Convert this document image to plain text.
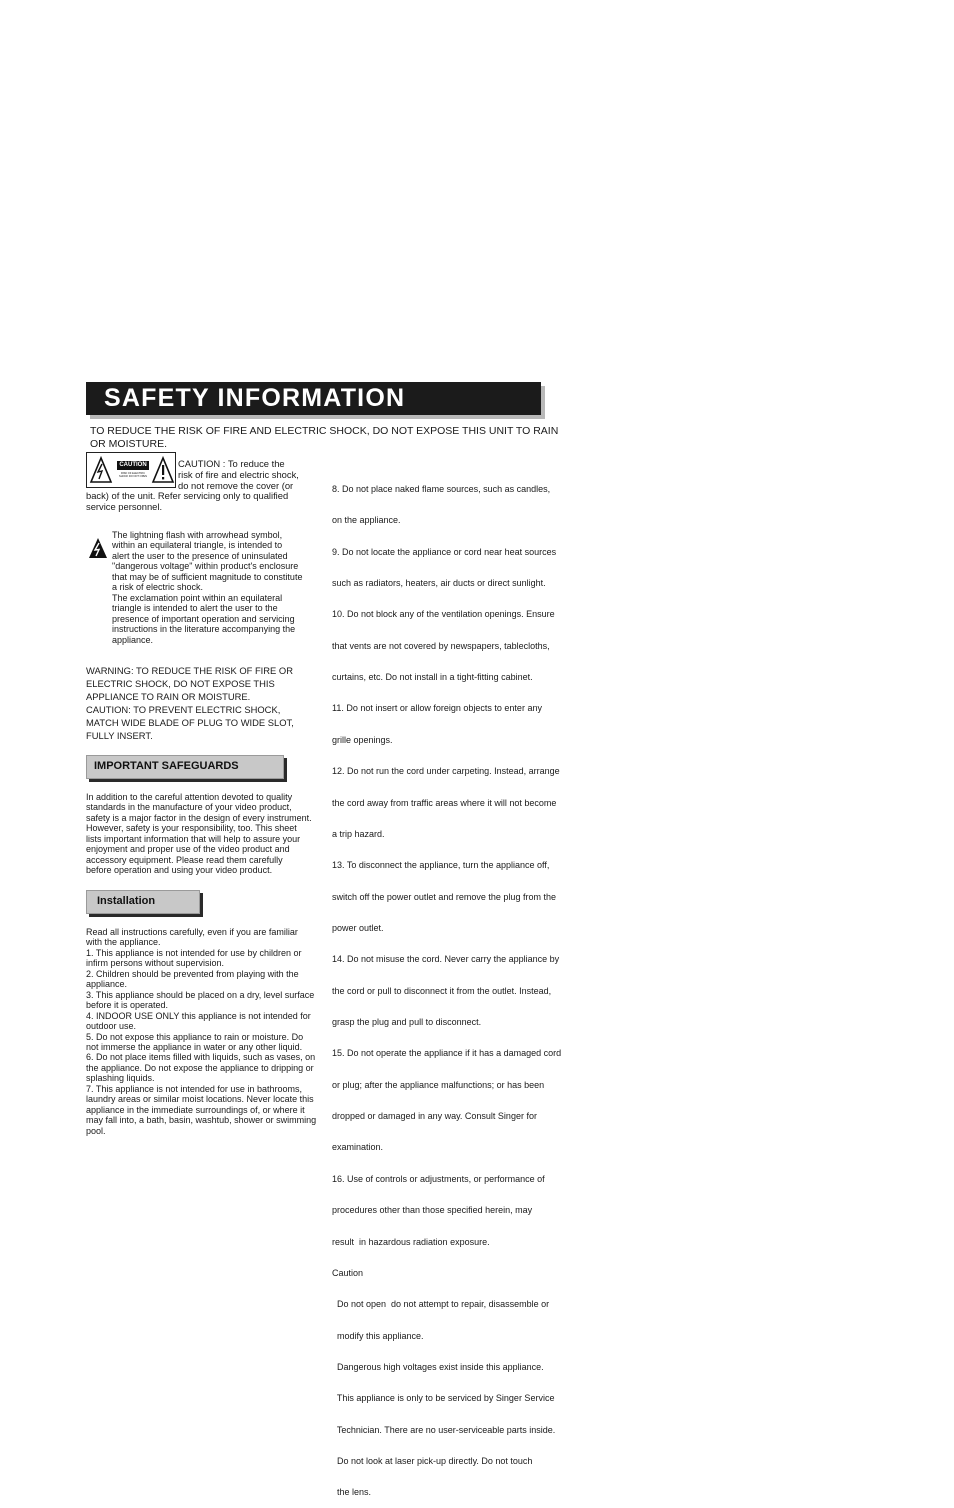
SAFETY INFORMATION
TO REDUCE THE RISK OF FIRE AND ELECTRIC SHOCK, DO NOT EXPOSE THIS UNIT TO RAIN OR MOISTURE.
CAUTION
RISK OF ELECTRIC SHOCK DO NOT OPEN
CAUTION : To reduce the
risk of fire and electric shock,
do not remove the cover (or
back) of the unit. Refer servicing only to qualified
service personnel.
The lightning flash with arrowhead symbol,
within an equilateral triangle, is intended to
alert the user to the presence of uninsulated
"dangerous voltage" within product's enclosure
that may be of sufficient magnitude to constitute
a risk of electric shock.
The exclamation point within an equilateral
triangle is intended to alert the user to the
presence of important operation and servicing
instructions in the literature accompanying the
appliance.
WARNING: TO REDUCE THE RISK OF FIRE OR
ELECTRIC SHOCK, DO NOT EXPOSE THIS
APPLIANCE TO RAIN OR MOISTURE.
CAUTION: TO PREVENT ELECTRIC SHOCK,
MATCH WIDE BLADE OF PLUG TO WIDE SLOT,
FULLY INSERT.
IMPORTANT SAFEGUARDS
In addition to the careful attention devoted to quality
standards in the manufacture of your video product,
safety is a major factor in the design of every instrument.
However, safety is your responsibility, too. This sheet
lists important information that will help to assure your
enjoyment and proper use of the video product and
accessory equipment. Please read them carefully
before operation and using your video product.
Installation
Read all instructions carefully, even if you are familiar
with the appliance.
1. This appliance is not intended for use by children or
infirm persons without supervision.
2. Children should be prevented from playing with the
appliance.
3. This appliance should be placed on a dry, level surface
before it is operated.
4. INDOOR USE ONLY this appliance is not intended for
outdoor use.
5. Do not expose this appliance to rain or moisture. Do
not immerse the appliance in water or any other liquid.
6. Do not place items filled with liquids, such as vases, on
the appliance. Do not expose the appliance to dripping or
splashing liquids.
7. This appliance is not intended for use in bathrooms,
laundry areas or similar moist locations. Never locate this
appliance in the immediate surroundings of, or where it
may fall into, a bath, basin, washtub, shower or swimming
pool.

8. Do not place naked flame sources, such as candles,

on the appliance.

9. Do not locate the appliance or cord near heat sources

such as radiators, heaters, air ducts or direct sunlight.

10. Do not block any of the ventilation openings. Ensure

that vents are not covered by newspapers, tablecloths,

curtains, etc. Do not install in a tight-fitting cabinet.

11. Do not insert or allow foreign objects to enter any

grille openings.

12. Do not run the cord under carpeting. Instead, arrange

the cord away from traffic areas where it will not become

a trip hazard.

13. To disconnect the appliance, turn the appliance off,

switch off the power outlet and remove the plug from the

power outlet.

14. Do not misuse the cord. Never carry the appliance by

the cord or pull to disconnect it from the outlet. Instead,

grasp the plug and pull to disconnect.

15. Do not operate the appliance if it has a damaged cord

or plug; after the appliance malfunctions; or has been

dropped or damaged in any way. Consult Singer for

examination.

16. Use of controls or adjustments, or performance of

procedures other than those specified herein, may

result  in hazardous radiation exposure.

Caution

Do not open  do not attempt to repair, disassemble or

modify this appliance.

Dangerous high voltages exist inside this appliance.

This appliance is only to be serviced by Singer Service

Technician. There are no user-serviceable parts inside.

Do not look at laser pick-up directly. Do not touch

the lens.
